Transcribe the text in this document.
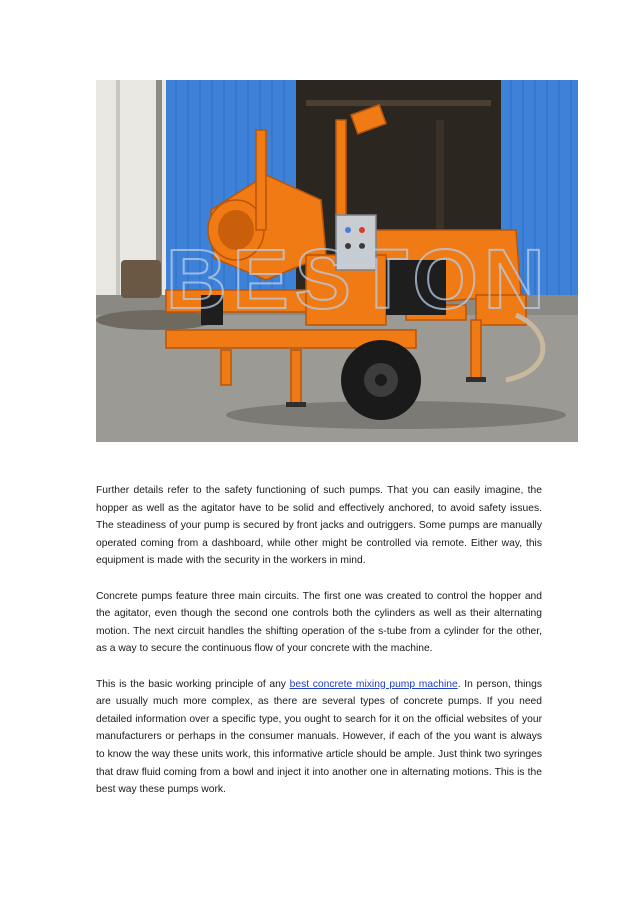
BESTON

Further details refer to the safety functioning of such pumps. That you can easily imagine, the hopper as well as the agitator have to be solid and effectively anchored, to avoid safety issues. The steadiness of your pump is secured by front jacks and outriggers. Some pumps are manually operated coming from a dashboard, while other might be controlled via remote. Either way, this equipment is made with the security in the workers in mind.

Concrete pumps feature three main circuits. The first one was created to control the hopper and the agitator, even though the second one controls both the cylinders as well as their alternating motion. The next circuit handles the shifting operation of the s-tube from a cylinder for the other, as a way to secure the continuous flow of your concrete with the machine.

This is the basic working principle of any best concrete mixing pump machine. In person, things are usually much more complex, as there are several types of concrete pumps. If you need detailed information over a specific type, you ought to search for it on the official websites of your manufacturers or perhaps in the consumer manuals. However, if each of the you want is always to know the way these units work, this informative article should be ample. Just think two syringes that draw fluid coming from a bowl and inject it into another one in alternating motions. This is the best way these pumps work.
